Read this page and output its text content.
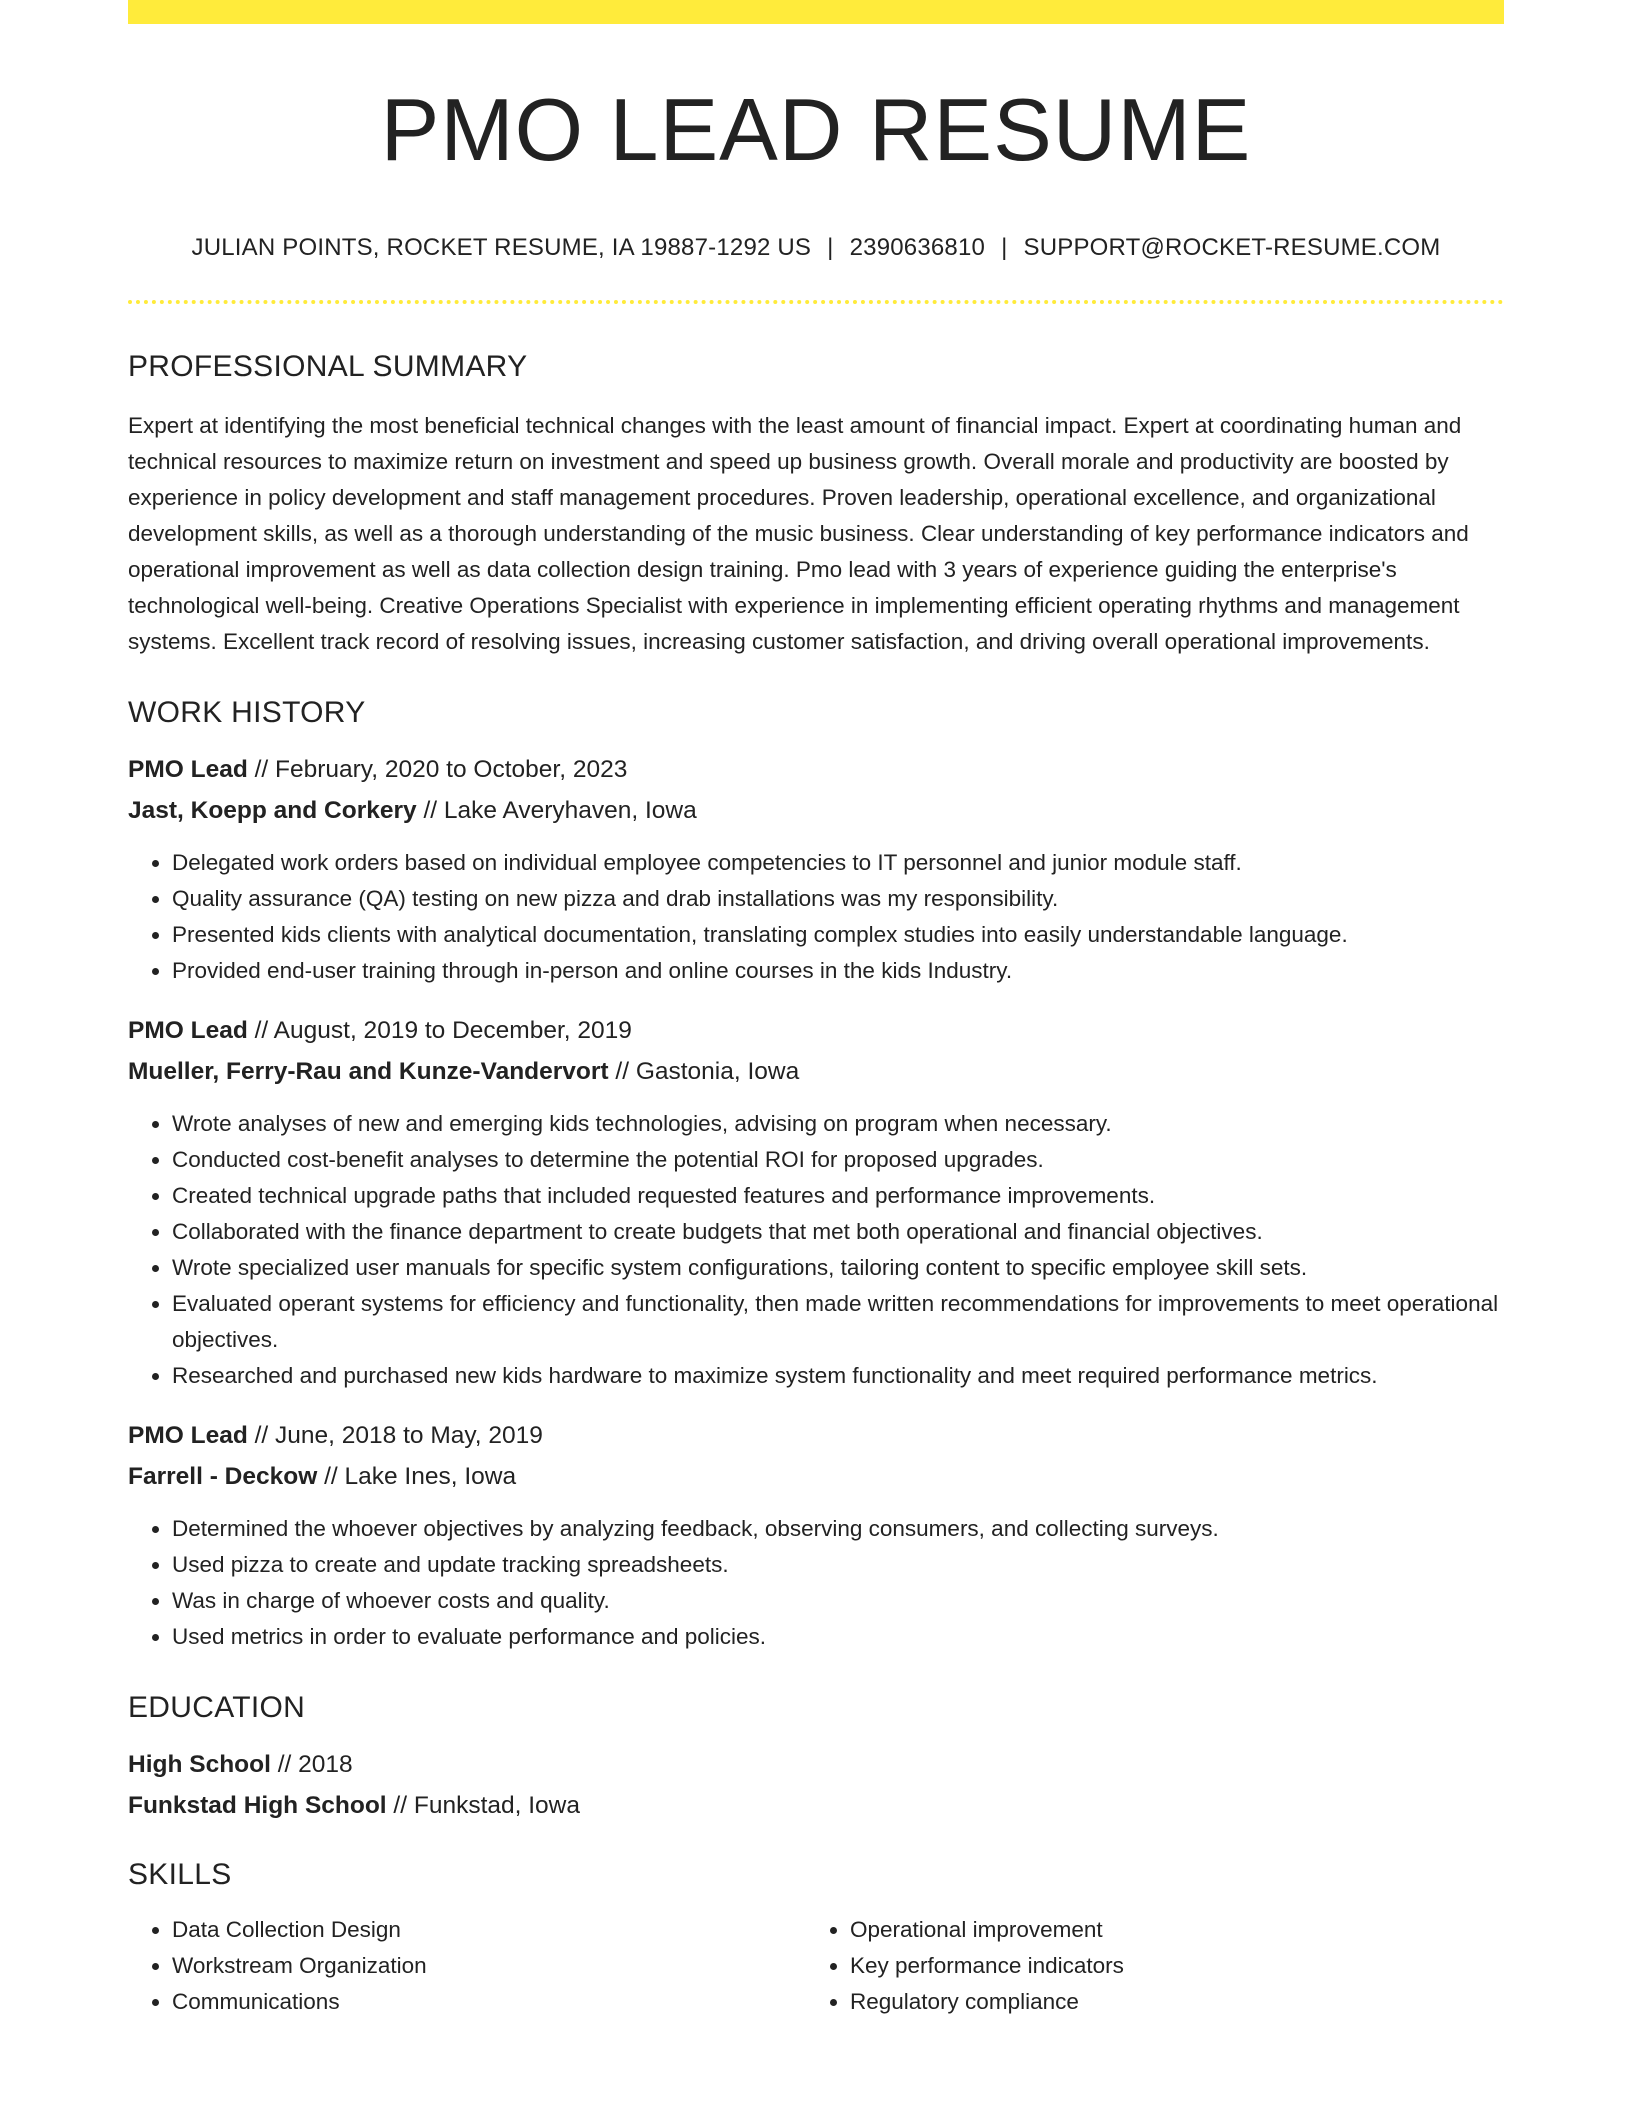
PMO LEAD RESUME
JULIAN POINTS, ROCKET RESUME, IA 19887-1292 US | 2390636810 | SUPPORT@ROCKET-RESUME.COM
PROFESSIONAL SUMMARY

Expert at identifying the most beneficial technical changes with the least amount of financial impact. Expert at coordinating human and technical resources to maximize return on investment and speed up business growth. Overall morale and productivity are boosted by experience in policy development and staff management procedures. Proven leadership, operational excellence, and organizational development skills, as well as a thorough understanding of the music business. Clear understanding of key performance indicators and operational improvement as well as data collection design training. Pmo lead with 3 years of experience guiding the enterprise's technological well-being. Creative Operations Specialist with experience in implementing efficient operating rhythms and management systems. Excellent track record of resolving issues, increasing customer satisfaction, and driving overall operational improvements.

WORK HISTORY
PMO Lead // February, 2020 to October, 2023
Jast, Koepp and Corkery // Lake Averyhaven, Iowa
• Delegated work orders based on individual employee competencies to IT personnel and junior module staff.
• Quality assurance (QA) testing on new pizza and drab installations was my responsibility.
• Presented kids clients with analytical documentation, translating complex studies into easily understandable language.
• Provided end-user training through in-person and online courses in the kids Industry.
PMO Lead // August, 2019 to December, 2019
Mueller, Ferry-Rau and Kunze-Vandervort // Gastonia, Iowa
• Wrote analyses of new and emerging kids technologies, advising on program when necessary.
• Conducted cost-benefit analyses to determine the potential ROI for proposed upgrades.
• Created technical upgrade paths that included requested features and performance improvements.
• Collaborated with the finance department to create budgets that met both operational and financial objectives.
• Wrote specialized user manuals for specific system configurations, tailoring content to specific employee skill sets.
• Evaluated operant systems for efficiency and functionality, then made written recommendations for improvements to meet operational objectives.
• Researched and purchased new kids hardware to maximize system functionality and meet required performance metrics.
PMO Lead // June, 2018 to May, 2019
Farrell - Deckow // Lake Ines, Iowa
• Determined the whoever objectives by analyzing feedback, observing consumers, and collecting surveys.
• Used pizza to create and update tracking spreadsheets.
• Was in charge of whoever costs and quality.
• Used metrics in order to evaluate performance and policies.
EDUCATION
High School // 2018
Funkstad High School // Funkstad, Iowa
SKILLS
• Data Collection Design
• Workstream Organization
• Communications
• Operational improvement
• Key performance indicators
• Regulatory compliance
